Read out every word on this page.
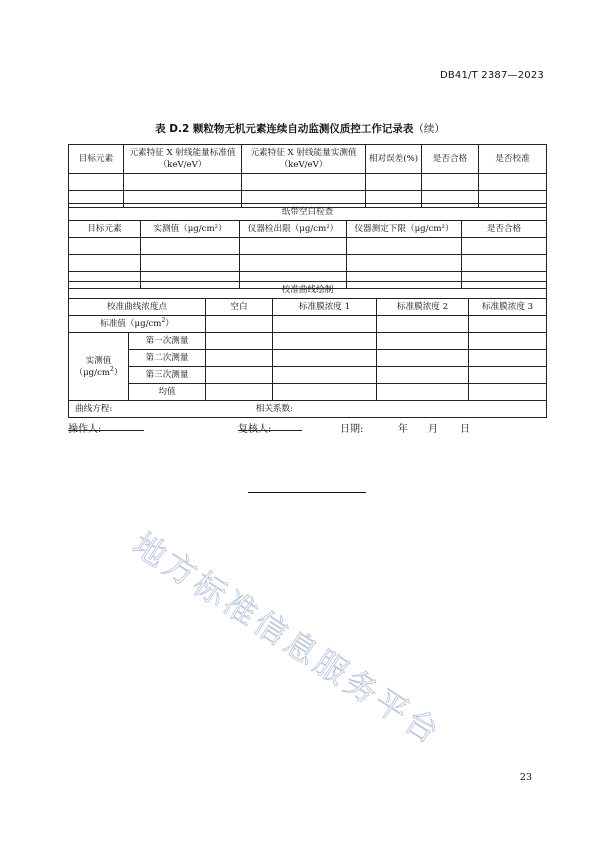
DB41/T 2387—2023
表 D.2 颗粒物无机元素连续自动监测仪质控工作记录表（续）
目标元素	元素特征 X 射线能量标准值（keV/eV）	元素特征 X 射线能量实测值（keV/eV）	相对误差(%)	是否合格	是否校准

纸带空白检查				
目标元素	实测值（μg/cm²）	仪器检出限（μg/cm²）	仪器测定下限（μg/cm²）	是否合格

校准曲线绘制					
校准曲线浓度点		空白	标准膜浓度 1	标准膜浓度 2	标准膜浓度 3
标准值$(\mu g/cm^2)$					
实测值
$(\mu g/cm^2)$	第一次测量				
	第二次测量				
	第三次测量				
	均值				
曲线方程: 相关系数:					
操作人:	复核人:	日期:	年 月 日
地方标准信息服务平台
23
